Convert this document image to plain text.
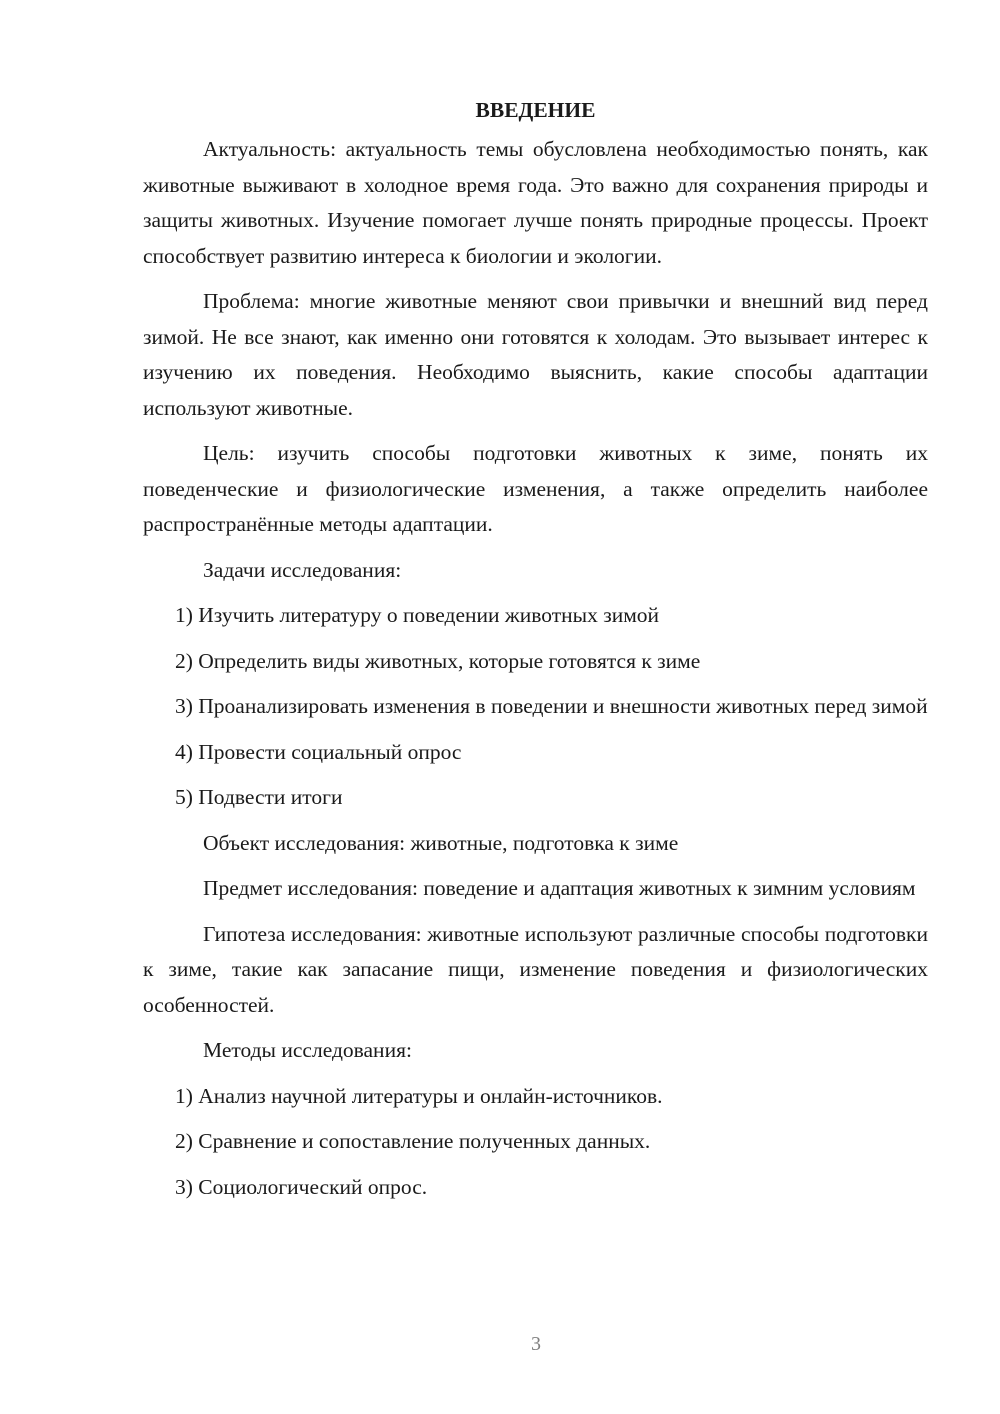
ВВЕДЕНИЕ

Актуальность: актуальность темы обусловлена необходимостью понять, как животные выживают в холодное время года. Это важно для сохранения природы и защиты животных. Изучение помогает лучше понять природные процессы. Проект способствует развитию интереса к биологии и экологии.

Проблема: многие животные меняют свои привычки и внешний вид перед зимой. Не все знают, как именно они готовятся к холодам. Это вызывает интерес к изучению их поведения. Необходимо выяснить, какие способы адаптации используют животные.

Цель: изучить способы подготовки животных к зиме, понять их поведенческие и физиологические изменения, а также определить наиболее распространённые методы адаптации.

Задачи исследования:

1) Изучить литературу о поведении животных зимой

2) Определить виды животных, которые готовятся к зиме

3) Проанализировать изменения в поведении и внешности животных перед зимой

4) Провести социальный опрос

5) Подвести итоги

Объект исследования: животные, подготовка к зиме

Предмет исследования: поведение и адаптация животных к зимним условиям

Гипотеза исследования: животные используют различные способы подготовки к зиме, такие как запасание пищи, изменение поведения и физиологических особенностей.

Методы исследования:

1) Анализ научной литературы и онлайн-источников.

2) Сравнение и сопоставление полученных данных.

3) Социологический опрос.

3
